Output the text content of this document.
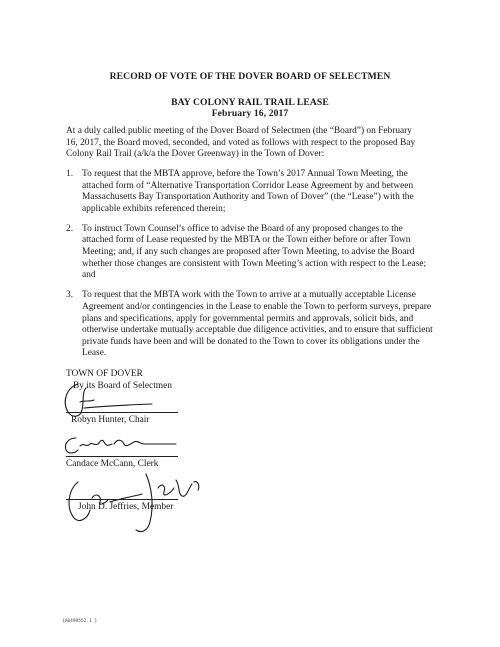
RECORD OF VOTE OF THE DOVER BOARD OF SELECTMEN
BAY COLONY RAIL TRAIL LEASE
February 16, 2017
At a duly called public meeting of the Dover Board of Selectmen (the “Board”) on February 16, 2017, the Board moved, seconded, and voted as follows with respect to the proposed Bay Colony Rail Trail (a/k/a the Dover Greenway) in the Town of Dover:
1. To request that the MBTA approve, before the Town’s 2017 Annual Town Meeting, the attached form of “Alternative Transportation Corridor Lease Agreement by and between Massachusetts Bay Transportation Authority and Town of Dover” (the “Lease”) with the applicable exhibits referenced therein;
2. To instruct Town Counsel’s office to advise the Board of any proposed changes to the attached form of Lease requested by the MBTA or the Town either before or after Town Meeting; and, if any such changes are proposed after Town Meeting, to advise the Board whether those changes are consistent with Town Meeting’s action with respect to the Lease; and
3. To request that the MBTA work with the Town to arrive at a mutually acceptable License Agreement and/or contingencies in the Lease to enable the Town to perform surveys, prepare plans and specifications, apply for governmental permits and approvals, solicit bids, and otherwise undertake mutually acceptable due diligence activities, and to ensure that sufficient private funds have been and will be donated to the Town to cover its obligations under the Lease.
TOWN OF DOVER
By its Board of Selectmen
Robyn Hunter, Chair
Candace McCann, Clerk
John D. Jeffries, Member
{A0499552.1 }
